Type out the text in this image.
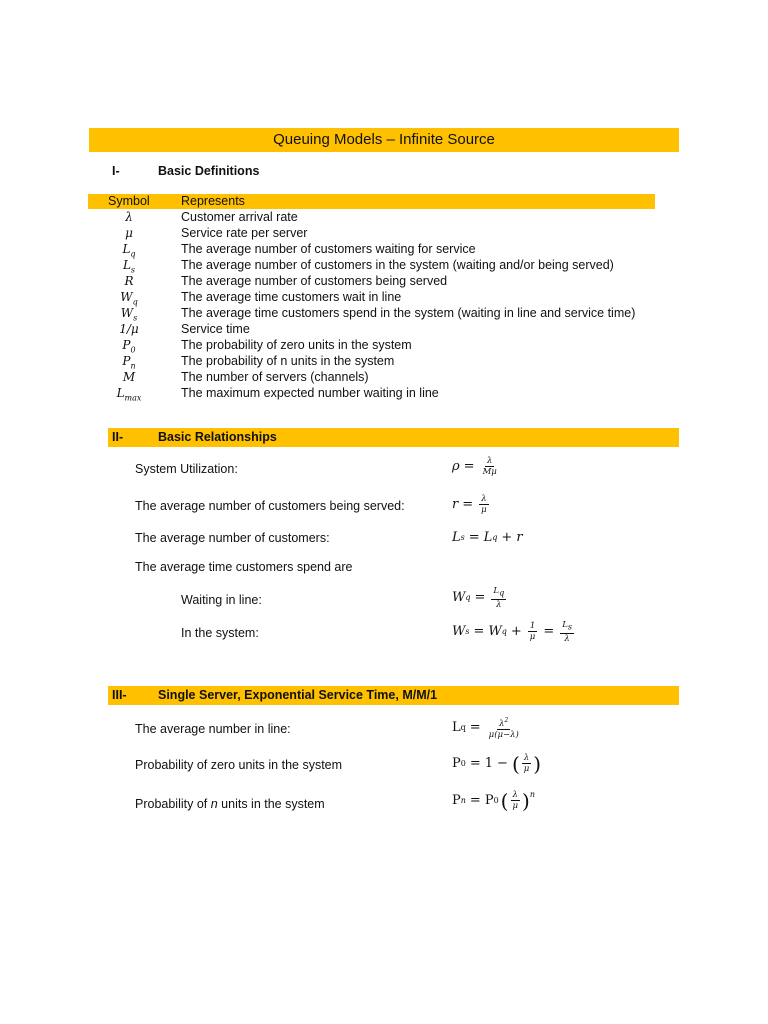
Queuing Models – Infinite Source
I-	Basic Definitions
Symbol	Represents
λ	Customer arrival rate
μ	Service rate per server
$L_q$	The average number of customers waiting for service
$L_s$	The average number of customers in the system (waiting and/or being served)
R	The average number of customers being served
$W_q$	The average time customers wait in line
$W_s$	The average time customers spend in the system (waiting in line and service time)
1/μ	Service time
$P_0$	The probability of zero units in the system
$P_n$	The probability of n units in the system
M	The number of servers (channels)
$L_{max}$	The maximum expected number waiting in line
II-	Basic Relationships
System Utilization:	$\rho = \frac{\lambda}{M\mu}$
The average number of customers being served:	$r = \frac{\lambda}{\mu}$
The average number of customers:	L s = L q + r
The average time customers spend are
Waiting in line:	W $q = \frac{L_q}{\lambda}$
In the system:	W s = W $q + \frac{1}{\mu} = \frac{L_s}{\lambda}$
III-	Single Server, Exponential Service Time, M/M/1
The average number in line:	L $q = \frac{\lambda^2}{\mu(\mu-\lambda)}$
Probability of zero units in the system	P 0 = 1 − ( $\frac{\lambda}{\mu}$ )
Probability of n units in the system	P n = P 0 ( $\frac{\lambda}{\mu} )^n$
